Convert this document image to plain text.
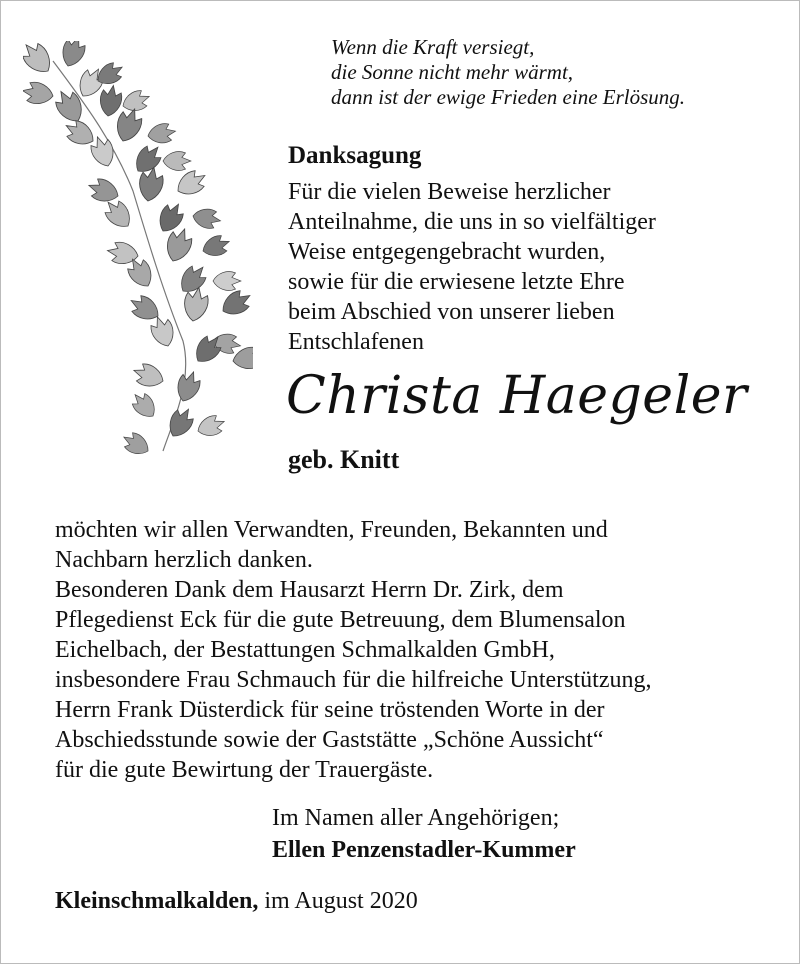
Wenn die Kraft versiegt,
die Sonne nicht mehr wärmt,
dann ist der ewige Frieden eine Erlösung.
Danksagung
Für die vielen Beweise herzlicher
Anteilnahme, die uns in so vielfältiger
Weise entgegengebracht wurden,
sowie für die erwiesene letzte Ehre
beim Abschied von unserer lieben
Entschlafenen
Christa Haegeler
geb. Knitt
möchten wir allen Verwandten, Freunden, Bekannten und
Nachbarn herzlich danken.
Besonderen Dank dem Hausarzt Herrn Dr. Zirk, dem
Pflegedienst Eck für die gute Betreuung, dem Blumensalon
Eichelbach, der Bestattungen Schmalkalden GmbH,
insbesondere Frau Schmauch für die hilfreiche Unterstützung,
Herrn Frank Düsterdick für seine tröstenden Worte in der
Abschiedsstunde sowie der Gaststätte „Schöne Aussicht“
für die gute Bewirtung der Trauergäste.
Im Namen aller Angehörigen;
Ellen Penzenstadler-Kummer
Kleinschmalkalden, im August 2020
